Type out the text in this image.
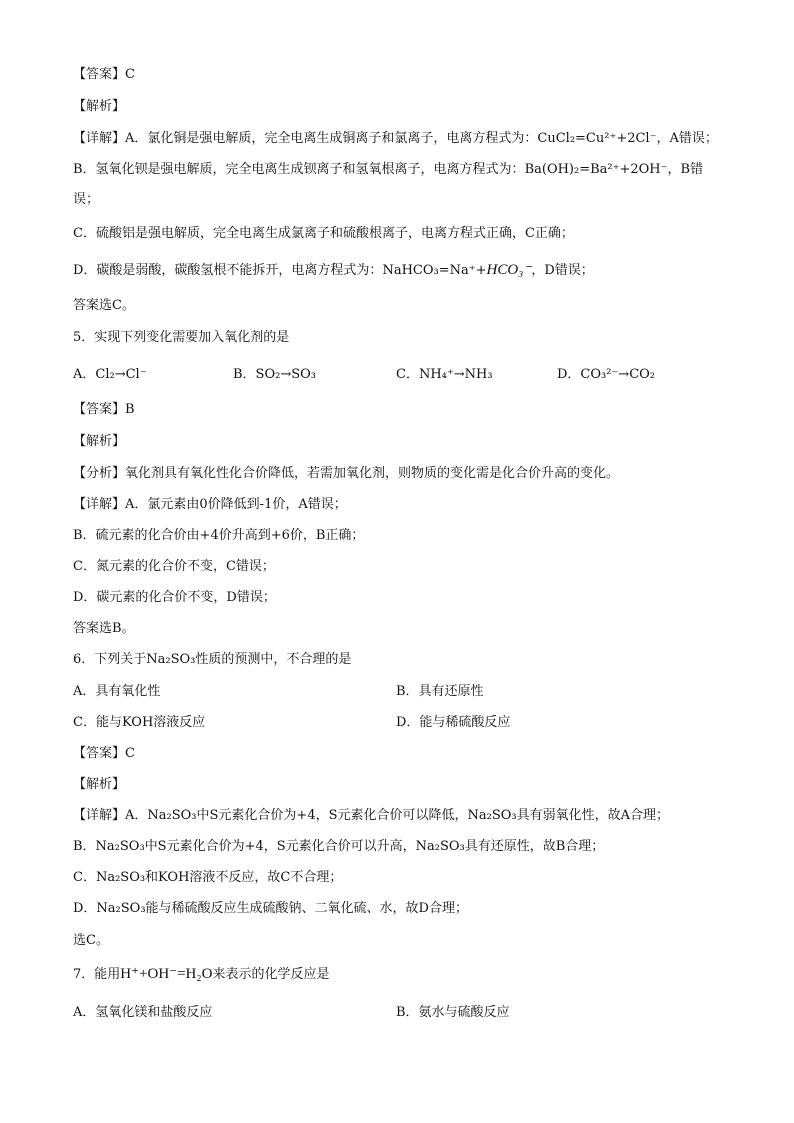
【答案】C
【解析】
【详解】A．氯化铜是强电解质，完全电离生成铜离子和氯离子，电离方程式为：CuCl₂=Cu²⁺+2Cl⁻，A错误；
B．氢氧化钡是强电解质，完全电离生成钡离子和氢氧根离子，电离方程式为：Ba(OH)₂=Ba²⁺+2OH⁻，B错
误；
C．硫酸铝是强电解质，完全电离生成氯离子和硫酸根离子，电离方程式正确，C正确；
D．碳酸是弱酸，碳酸氢根不能拆开，电离方程式为：NaHCO₃=Na⁺+HCO₃⁻，D错误；
答案选C。
5．实现下列变化需要加入氧化剂的是
A．Cl₂→Cl⁻	B．SO₂→SO₃	C．NH₄⁺→NH₃	D．CO₃²⁻→CO₂
【答案】B
【解析】
【分析】氧化剂具有氧化性化合价降低，若需加氧化剂，则物质的变化需是化合价升高的变化。
【详解】A．氯元素由0价降低到-1价，A错误；
B．硫元素的化合价由+4价升高到+6价，B正确；
C．氮元素的化合价不变，C错误；
D．碳元素的化合价不变，D错误；
答案选B。
6．下列关于Na₂SO₃性质的预测中，不合理的是
A．具有氧化性	B．具有还原性
C．能与KOH溶液反应	D．能与稀硫酸反应
【答案】C
【解析】
【详解】A．Na₂SO₃中S元素化合价为+4，S元素化合价可以降低，Na₂SO₃具有弱氧化性，故A合理；
B．Na₂SO₃中S元素化合价为+4，S元素化合价可以升高，Na₂SO₃具有还原性，故B合理；
C．Na₂SO₃和KOH溶液不反应，故C不合理；
D．Na₂SO₃能与稀硫酸反应生成硫酸钠、二氧化硫、水，故D合理；
选C。
7．能用H⁺+OH⁻=H₂O来表示的化学反应是
A．氢氧化镁和盐酸反应	B．氨水与硫酸反应
